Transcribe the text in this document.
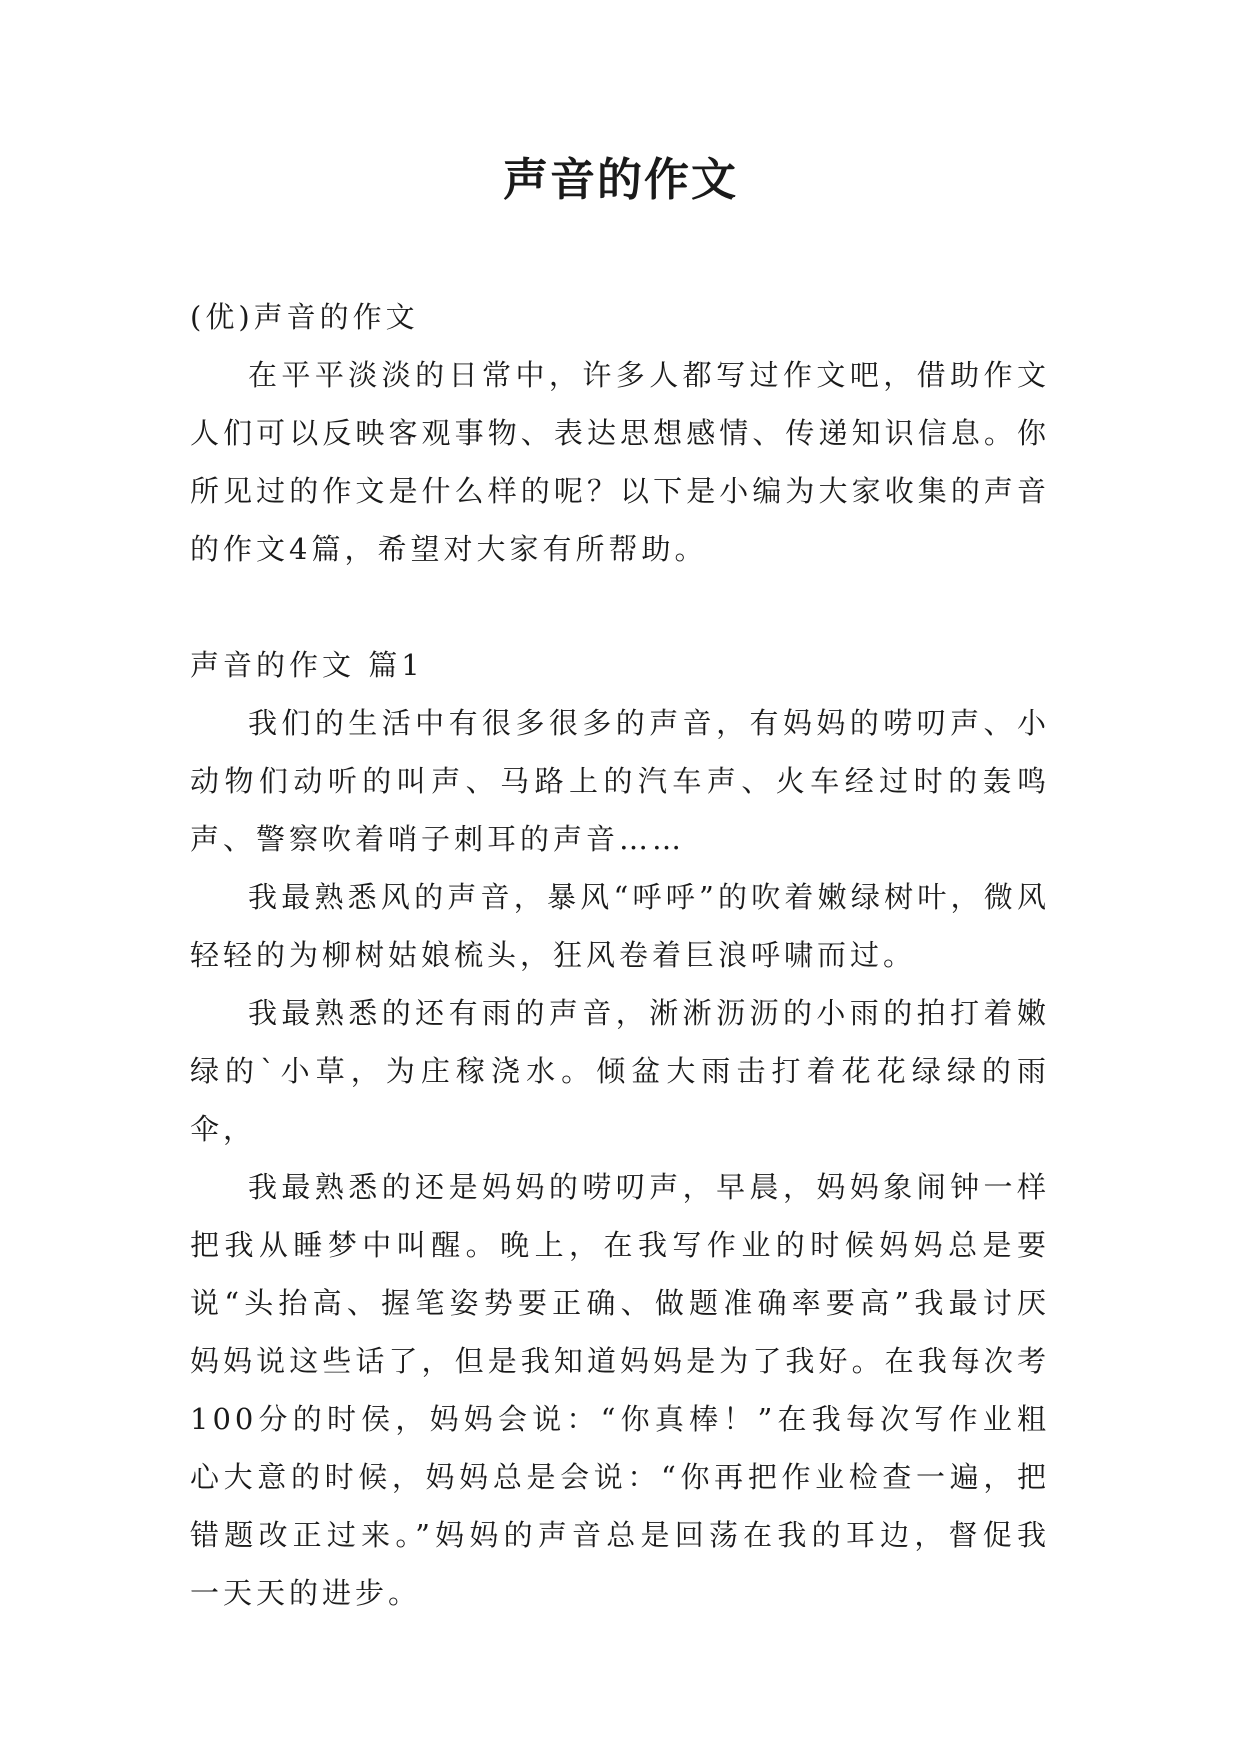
声音的作文

(优)声音的作文

在平平淡淡的日常中，许多人都写过作文吧，借助作文人们可以反映客观事物、表达思想感情、传递知识信息。你所见过的作文是什么样的呢？以下是小编为大家收集的声音的作文4篇，希望对大家有所帮助。

声音的作文 篇1

我们的生活中有很多很多的声音，有妈妈的唠叨声、小动物们动听的叫声、马路上的汽车声、火车经过时的轰鸣声、警察吹着哨子刺耳的声音……

我最熟悉风的声音，暴风“呼呼”的吹着嫩绿树叶，微风轻轻的为柳树姑娘梳头，狂风卷着巨浪呼啸而过。

我最熟悉的还有雨的声音，淅淅沥沥的小雨的拍打着嫩绿的`小草，为庄稼浇水。倾盆大雨击打着花花绿绿的雨伞，

我最熟悉的还是妈妈的唠叨声，早晨，妈妈象闹钟一样把我从睡梦中叫醒。晚上，在我写作业的时候妈妈总是要说“头抬高、握笔姿势要正确、做题准确率要高”我最讨厌妈妈说这些话了，但是我知道妈妈是为了我好。在我每次考100分的时侯，妈妈会说：“你真棒！”在我每次写作业粗心大意的时候，妈妈总是会说：“你再把作业检查一遍，把错题改正过来。”妈妈的声音总是回荡在我的耳边，督促我一天天的进步。
